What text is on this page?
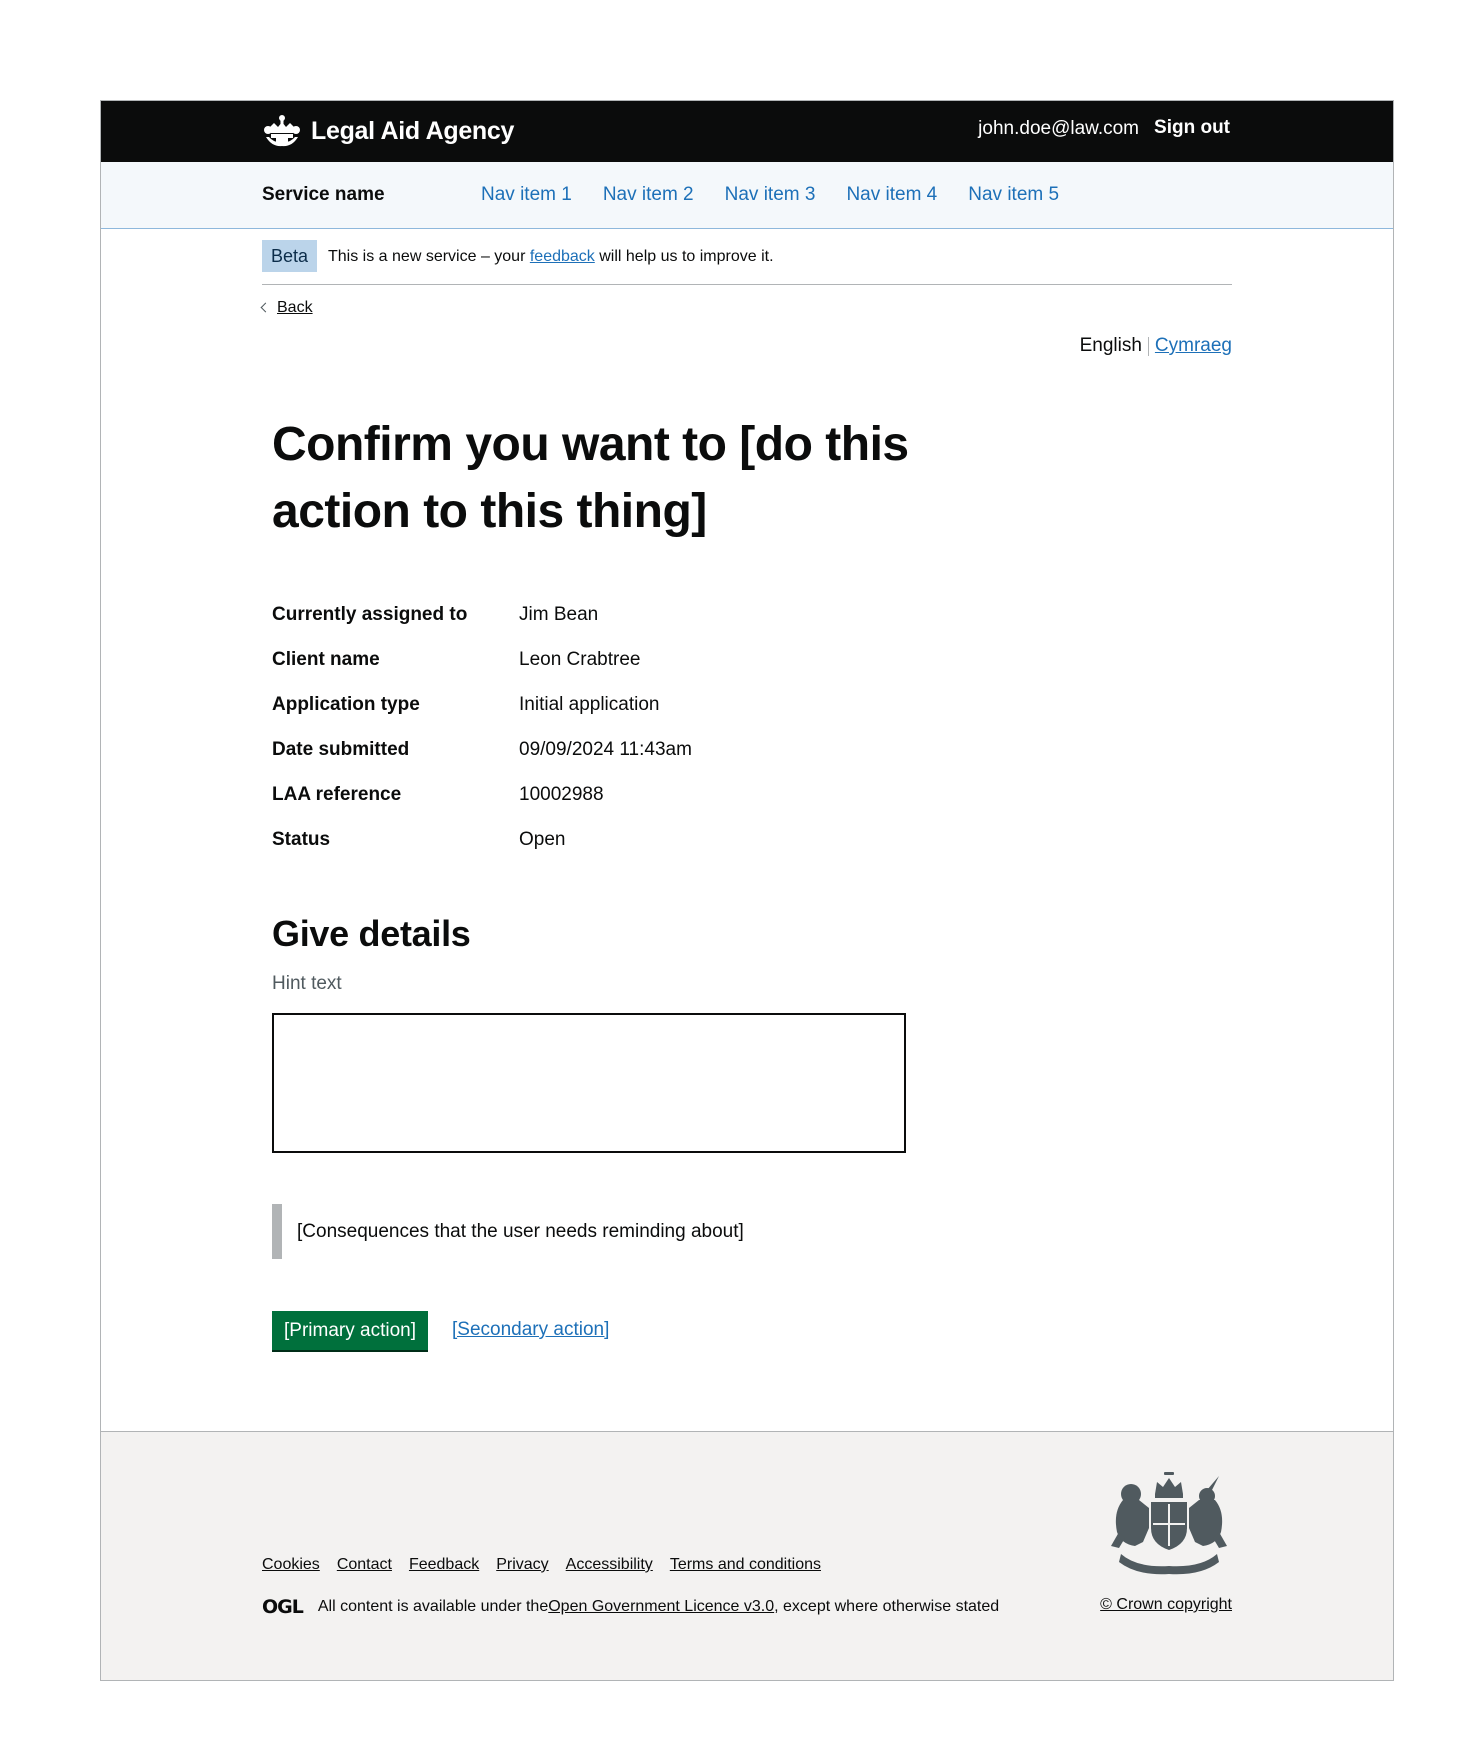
Legal Aid Agency	john.doe@law.com Sign out
Service name	Nav item 1 Nav item 2 Nav item 3 Nav item 4 Nav item 5
Beta	This is a new service – your feedback will help us to improve it.
Back
English Cymraeg
Confirm you want to [do this action to this thing]
Currently assigned to	Jim Bean
Client name	Leon Crabtree
Application type	Initial application
Date submitted	09/09/2024 11:43am
LAA reference	10002988
Status	Open
Give details
Hint text
[Consequences that the user needs reminding about]
[Primary action]	[Secondary action]
Cookies Contact Feedback Privacy Accessibility Terms and conditions
OGL All content is available under the Open Government Licence v3.0 , except where otherwise stated	© Crown copyright
